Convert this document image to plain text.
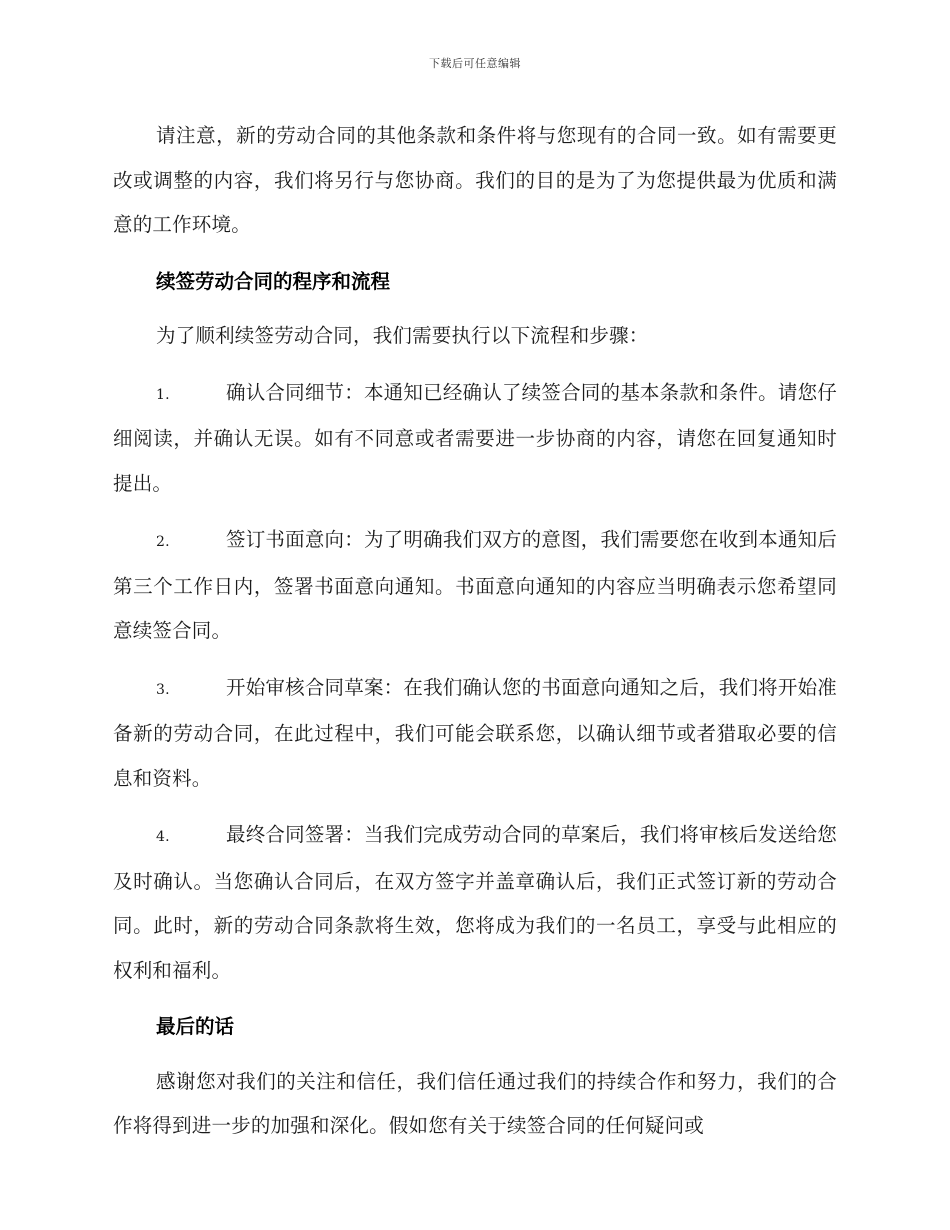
下载后可任意编辑

请注意，新的劳动合同的其他条款和条件将与您现有的合同一致。如有需要更改或调整的内容，我们将另行与您协商。我们的目的是为了为您提供最为优质和满意的工作环境。

续签劳动合同的程序和流程

为了顺利续签劳动合同，我们需要执行以下流程和步骤：

1.	确认合同细节：本通知已经确认了续签合同的基本条款和条件。请您仔细阅读，并确认无误。如有不同意或者需要进一步协商的内容，请您在回复通知时提出。

2.	签订书面意向：为了明确我们双方的意图，我们需要您在收到本通知后第三个工作日内，签署书面意向通知。书面意向通知的内容应当明确表示您希望同意续签合同。

3.	开始审核合同草案：在我们确认您的书面意向通知之后，我们将开始准备新的劳动合同，在此过程中，我们可能会联系您，以确认细节或者猎取必要的信息和资料。

4.	最终合同签署：当我们完成劳动合同的草案后，我们将审核后发送给您及时确认。当您确认合同后，在双方签字并盖章确认后，我们正式签订新的劳动合同。此时，新的劳动合同条款将生效，您将成为我们的一名员工，享受与此相应的权利和福利。

最后的话

感谢您对我们的关注和信任，我们信任通过我们的持续合作和努力，我们的合作将得到进一步的加强和深化。假如您有关于续签合同的任何疑问或
